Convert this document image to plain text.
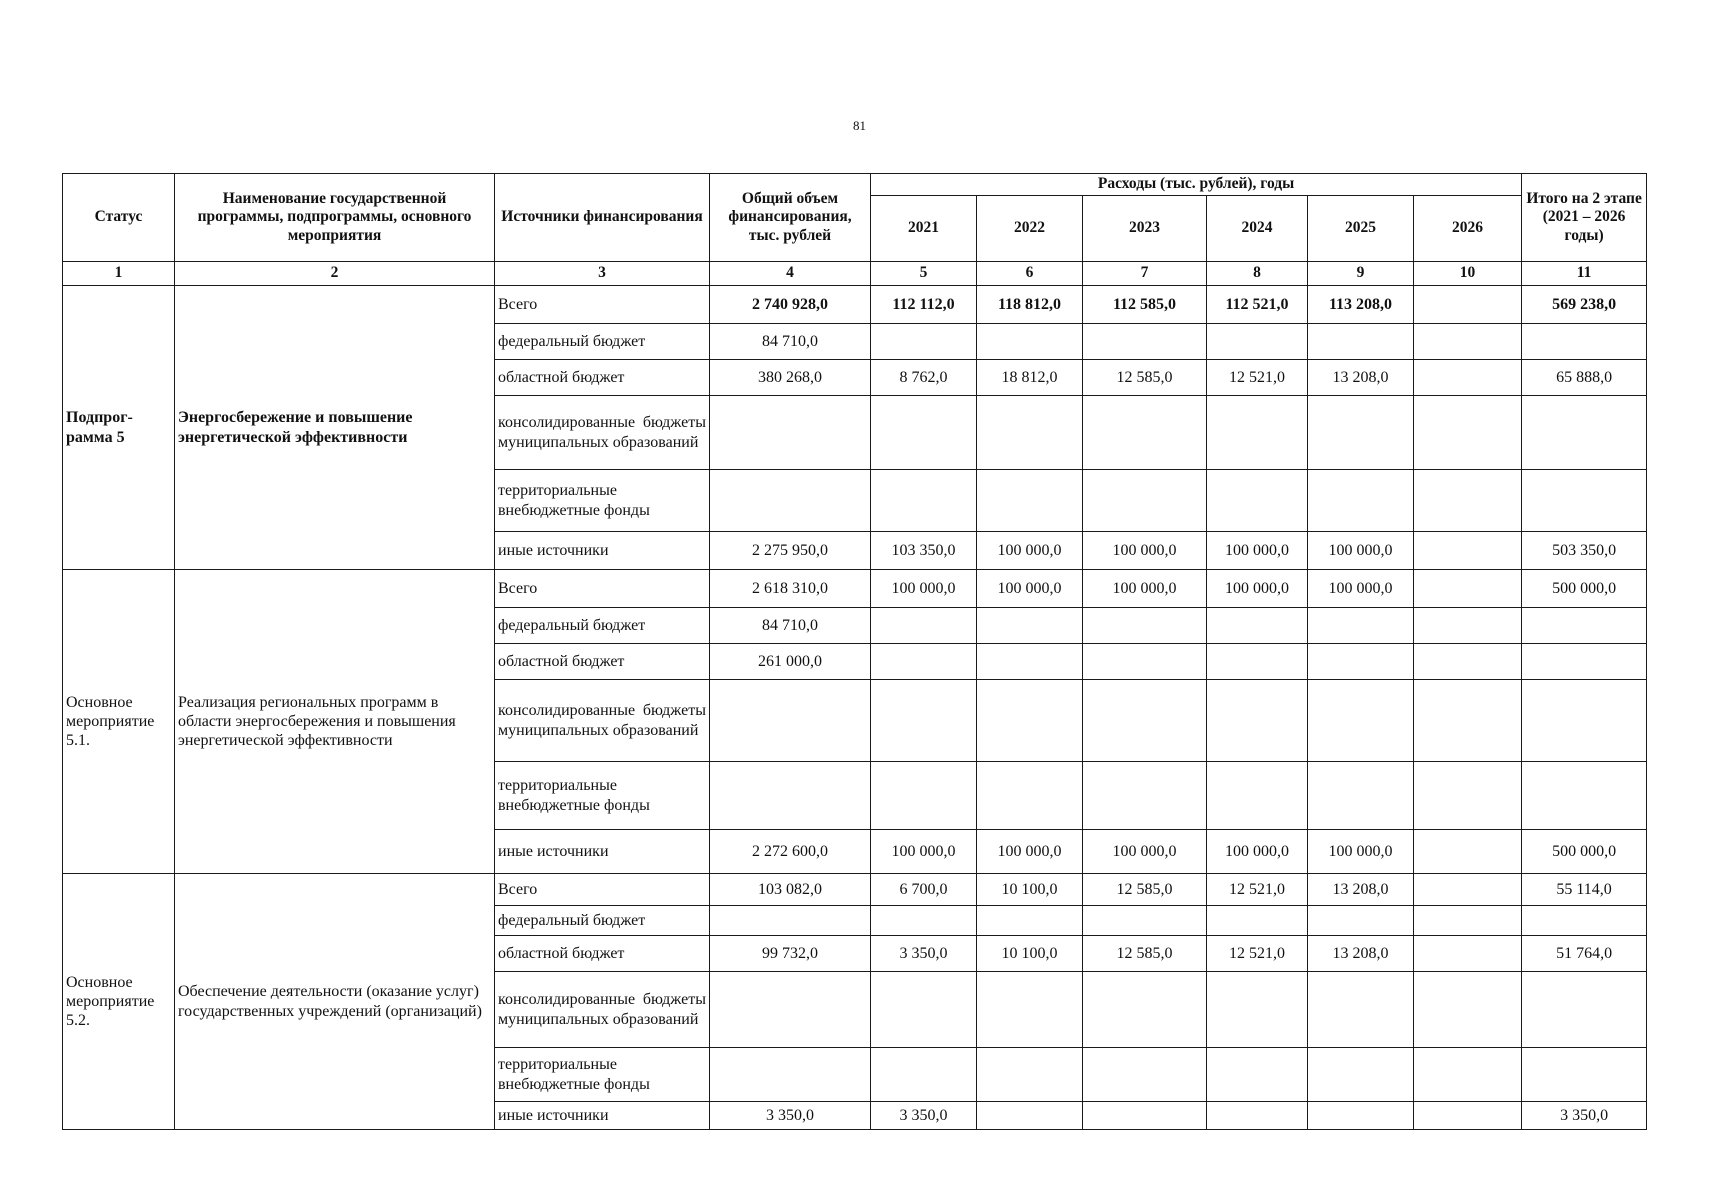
81
Статус	Наименование государственной программы, подпрограммы, основного мероприятия	Источники финансирования	Общий объем финансирования, тыс. рублей	Расходы (тыс. рублей), годы						Итого на 2 этапе (2021 – 2026 годы)
				2021	2022	2023	2024	2025	2026	
1	2	3	4	5	6	7	8	9	10	11
Подпрог-рамма 5	Энергосбережение и повышение энергетической эффективности	Всего	2 740 928,0	112 112,0	118 812,0	112 585,0	112 521,0	113 208,0		569 238,0
		федеральный бюджет	84 710,0							
		областной бюджет	380 268,0	8 762,0	18 812,0	12 585,0	12 521,0	13 208,0		65 888,0
		консолидированные бюджеты муниципальных образований								
		территориальные внебюджетные фонды								
		иные источники	2 275 950,0	103 350,0	100 000,0	100 000,0	100 000,0	100 000,0		503 350,0
Основное мероприятие 5.1.	Реализация региональных программ в области энергосбережения и повышения энергетической эффективности	Всего	2 618 310,0	100 000,0	100 000,0	100 000,0	100 000,0	100 000,0		500 000,0
		федеральный бюджет	84 710,0							
		областной бюджет	261 000,0							
		консолидированные бюджеты муниципальных образований								
		территориальные внебюджетные фонды								
		иные источники	2 272 600,0	100 000,0	100 000,0	100 000,0	100 000,0	100 000,0		500 000,0
Основное мероприятие 5.2.	Обеспечение деятельности (оказание услуг) государственных учреждений (организаций)	Всего	103 082,0	6 700,0	10 100,0	12 585,0	12 521,0	13 208,0		55 114,0
		федеральный бюджет								
		областной бюджет	99 732,0	3 350,0	10 100,0	12 585,0	12 521,0	13 208,0		51 764,0
		консолидированные бюджеты муниципальных образований								
		территориальные внебюджетные фонды								
		иные источники	3 350,0	3 350,0						3 350,0
